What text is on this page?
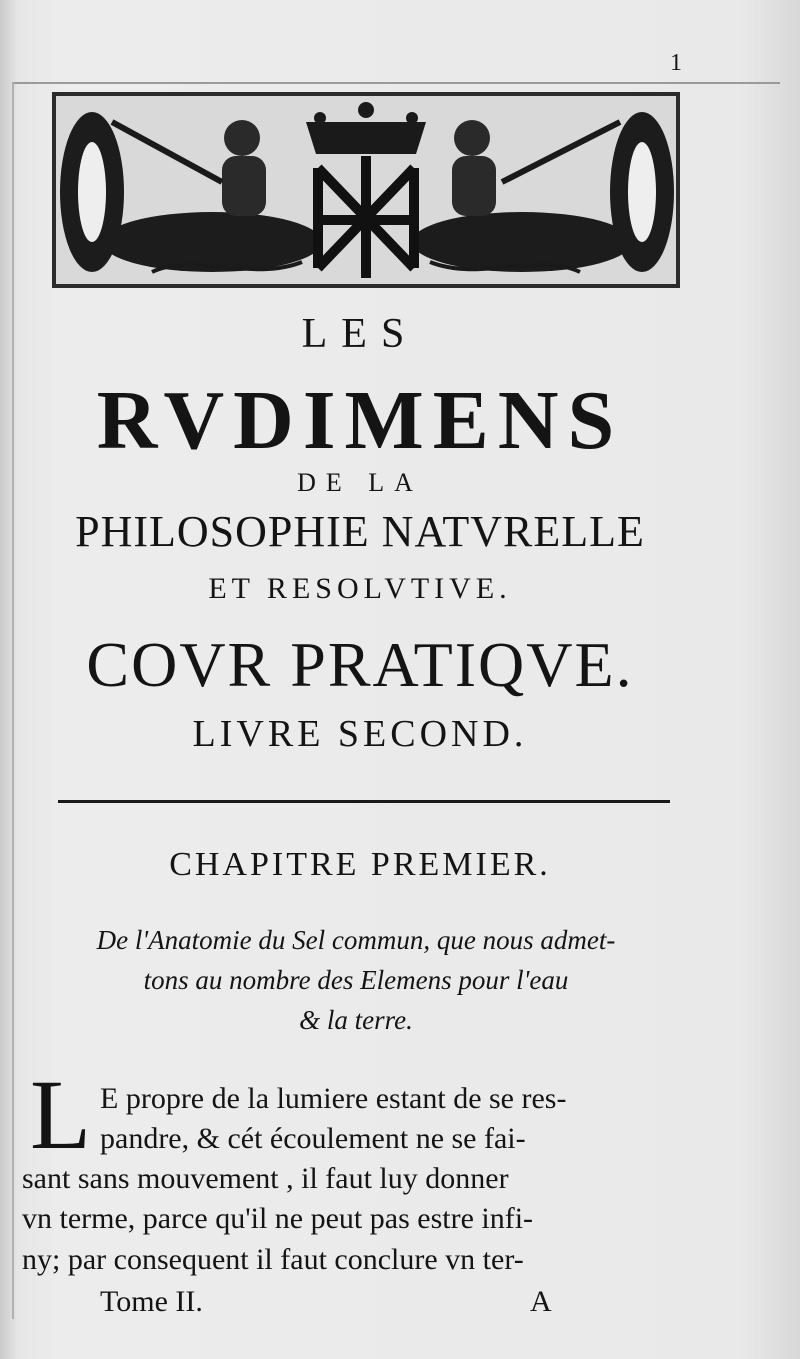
1
LES
RVDIMENS
DE LA
PHILOSOPHIE NATVRELLE
ET RESOLVTIVE.
COVR PRATIQVE.
LIVRE SECOND.
CHAPITRE PREMIER.
De l'Anatomie du Sel commun, que nous admet-
tons au nombre des Elemens pour l'eau
& la terre.
L E propre de la lumiere estant de se res-
pandre, & cét écoulement ne se fai-
sant sans mouvement , il faut luy donner
vn terme, parce qu'il ne peut pas estre infi-
ny; par consequent il faut conclure vn ter-
Tome II.	A
